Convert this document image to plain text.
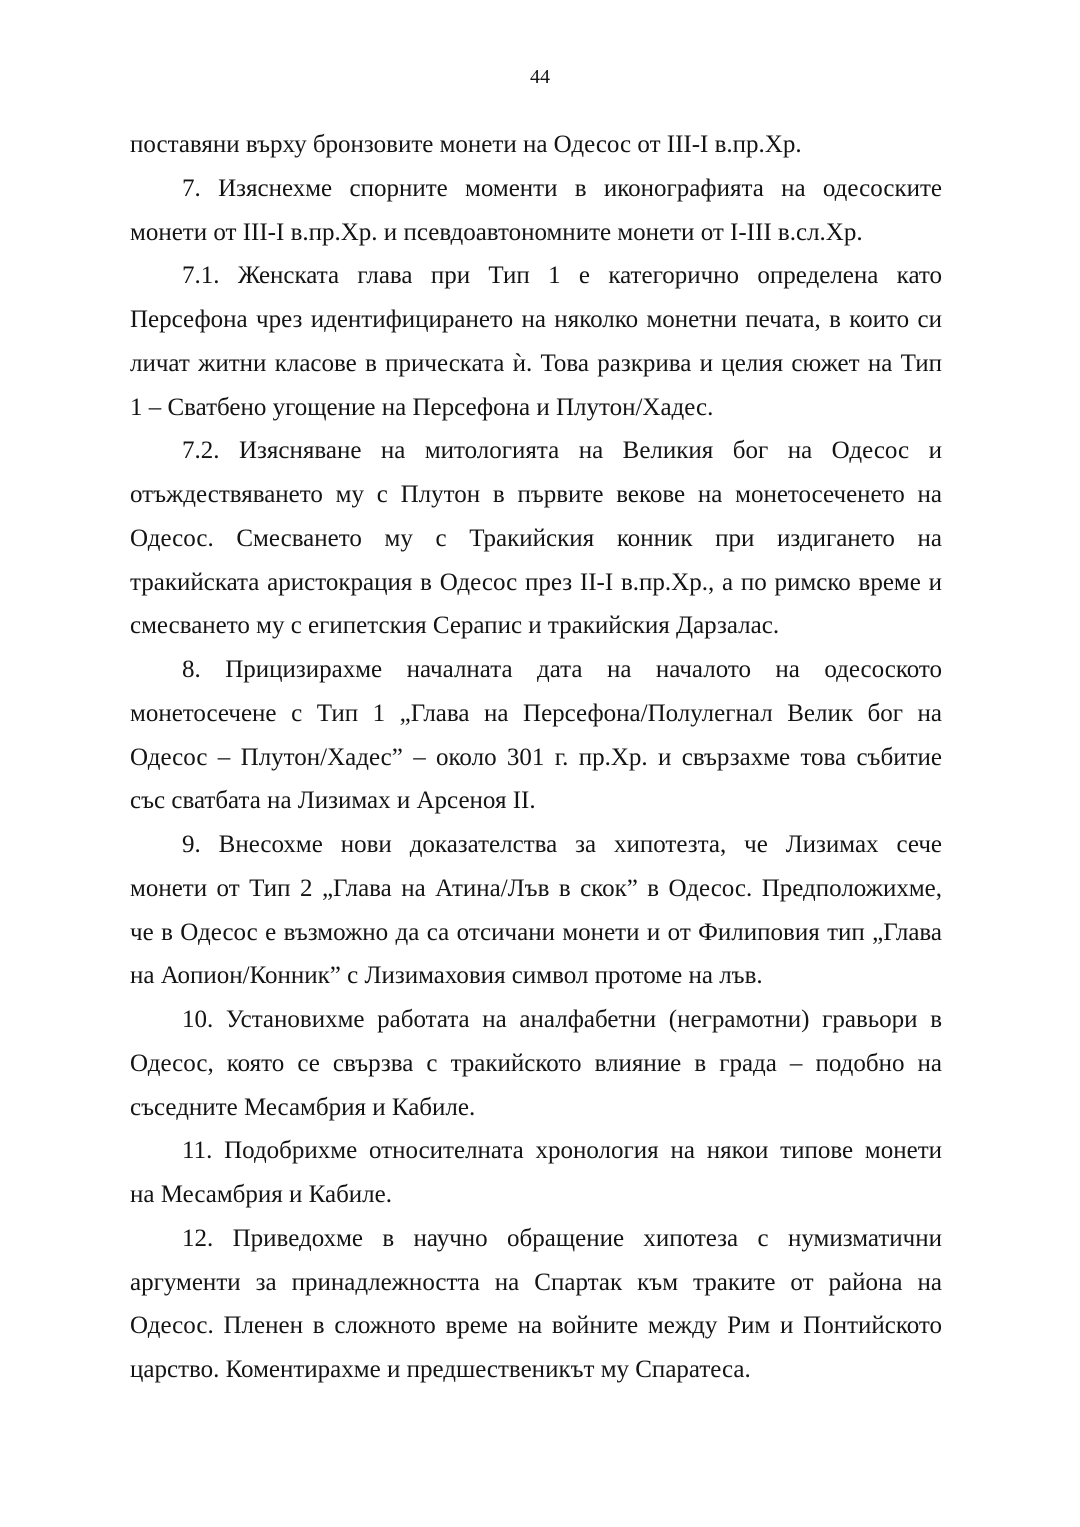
44
поставяни върху бронзовите монети на Одесос от III-I в.пр.Хр.
7. Изяснехме спорните моменти в иконографията на одесоските
монети от III-I в.пр.Хр. и псевдоавтономните монети от I-III в.сл.Хр.
7.1. Женската глава при Тип 1 е категорично определена като
Персефона чрез идентифицирането на няколко монетни печата, в които си
личат житни класове в прическата ѝ. Това разкрива и целия сюжет на Тип
1 – Сватбено угощение на Персефона и Плутон/Хадес.
7.2. Изясняване на митологията на Великия бог на Одесос и
отъждествяването му с Плутон в първите векове на монетосеченето на
Одесос. Смесването му с Тракийския конник при издигането на
тракийската аристокрация в Одесос през II-I в.пр.Хр., а по римско време и
смесването му с египетския Серапис и тракийския Дарзалас.
8. Прицизирахме началната дата на началото на одесоското
монетосечене с Тип 1 „Глава на Персефона/Полулегнал Велик бог на
Одесос – Плутон/Хадес” – около 301 г. пр.Хр. и свързахме това събитие
със сватбата на Лизимах и Арсеноя II.
9. Внесохме нови доказателства за хипотезта, че Лизимах сече
монети от Тип 2 „Глава на Атина/Лъв в скок” в Одесос. Предположихме,
че в Одесос е възможно да са отсичани монети и от Филиповия тип „Глава
на Аопион/Конник” с Лизимаховия символ протоме на лъв.
10. Установихме работата на аналфабетни (неграмотни) гравьори в
Одесос, която се свързва с тракийското влияние в града – подобно на
съседните Месамбрия и Кабиле.
11. Подобрихме относителната хронология на някои типове монети
на Месамбрия и Кабиле.
12. Приведохме в научно обращение хипотеза с нумизматични
аргументи за принадлежността на Спартак към траките от района на
Одесос. Пленен в сложното време на войните между Рим и Понтийското
царство. Коментирахме и предшественикът му Спаратеса.
